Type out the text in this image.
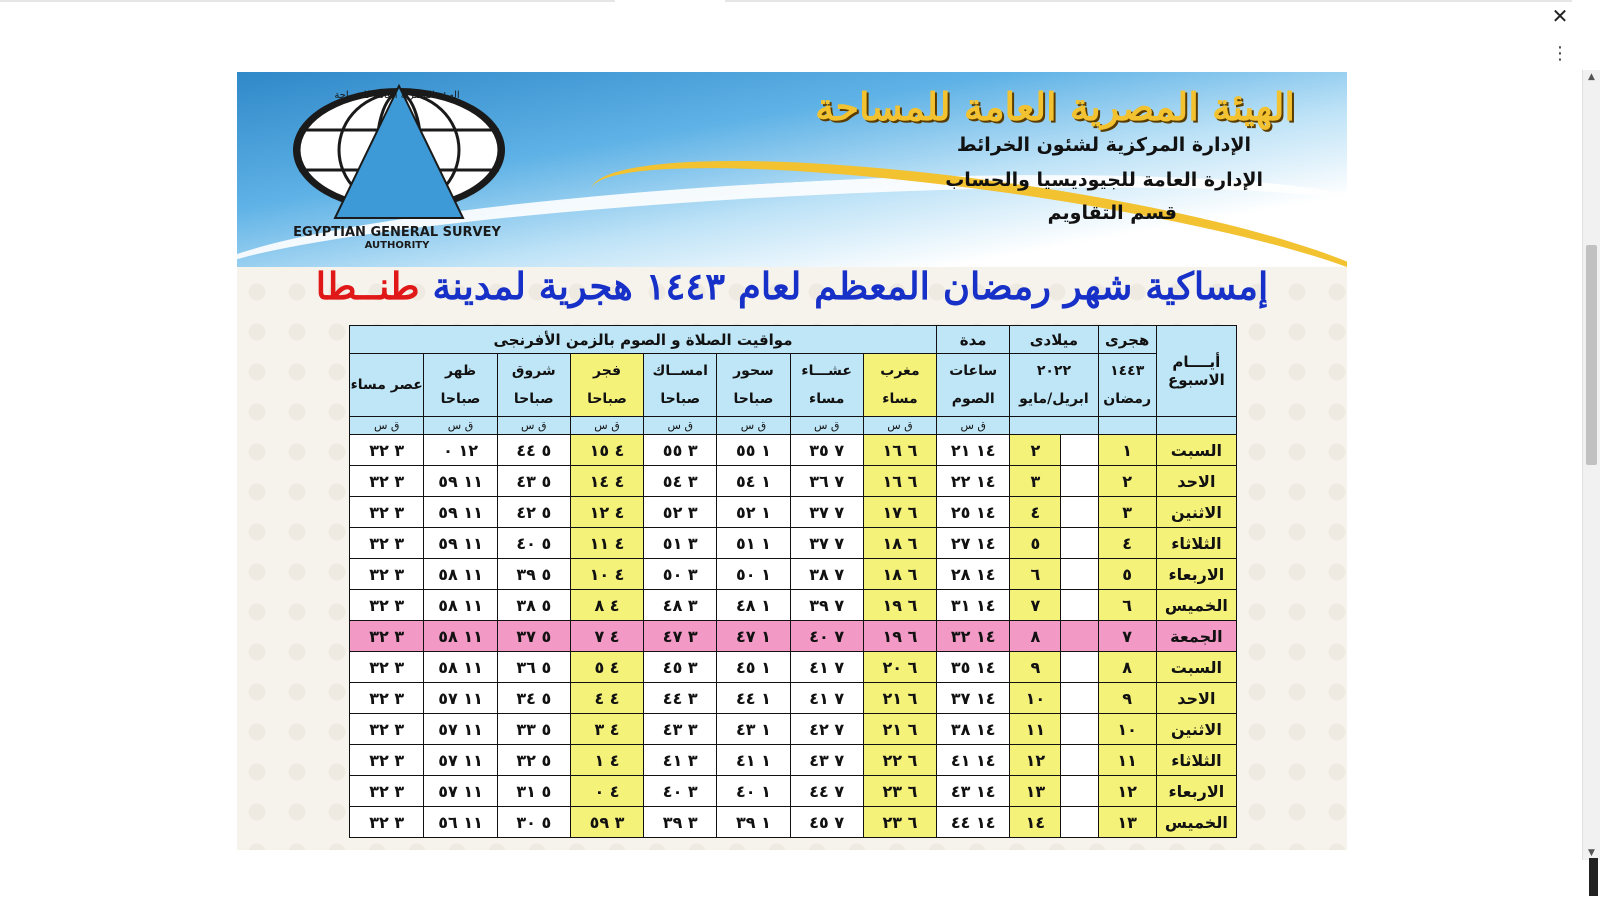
✕
⋮
▲
▼
EGYPTIAN GENERAL SURVEY
AUTHORITY
الهيئة المصرية العامة للمساحة	الهيئة المصرية العامة للمساحة
الإدارة المركزية لشئون الخرائط
الإدارة العامة للجيوديسيا والحساب
قسم التقاويم
إمساكية شهر رمضان المعظم لعام ١٤٤٣ هجرية لمدينة طنــطا
أيــــام الاسبوع	هجرى	ميلادى		مدة	مواقيت الصلاة و الصوم بالزمن الأفرنجى							
	١٤٤٣
رمضان	٢٠٢٢
ابريل/مايو		ساعات الصوم	مغرب مساء	عشـــاء مساء	سحور صباحا	امســاك صباحا	فجر صباحا	شروق صباحا	ظهر صباحا	عصر مساء
				ق س	ق س	ق س	ق س	ق س	ق س	ق س	ق س	ق س
السبت	١		٢	١٤ ٢١	٦ ١٦	٧ ٣٥	١ ٥٥	٣ ٥٥	٤ ١٥	٥ ٤٤	١٢ ٠	٣ ٣٢
الاحد	٢		٣	١٤ ٢٢	٦ ١٦	٧ ٣٦	١ ٥٤	٣ ٥٤	٤ ١٤	٥ ٤٣	١١ ٥٩	٣ ٣٢
الاثنين	٣		٤	١٤ ٢٥	٦ ١٧	٧ ٣٧	١ ٥٢	٣ ٥٢	٤ ١٢	٥ ٤٢	١١ ٥٩	٣ ٣٢
الثلاثاء	٤		٥	١٤ ٢٧	٦ ١٨	٧ ٣٧	١ ٥١	٣ ٥١	٤ ١١	٥ ٤٠	١١ ٥٩	٣ ٣٢
الاربعاء	٥		٦	١٤ ٢٨	٦ ١٨	٧ ٣٨	١ ٥٠	٣ ٥٠	٤ ١٠	٥ ٣٩	١١ ٥٨	٣ ٣٢
الخميس	٦		٧	١٤ ٣١	٦ ١٩	٧ ٣٩	١ ٤٨	٣ ٤٨	٤ ٨	٥ ٣٨	١١ ٥٨	٣ ٣٢
الجمعة	٧		٨	١٤ ٣٢	٦ ١٩	٧ ٤٠	١ ٤٧	٣ ٤٧	٤ ٧	٥ ٣٧	١١ ٥٨	٣ ٣٢
السبت	٨		٩	١٤ ٣٥	٦ ٢٠	٧ ٤١	١ ٤٥	٣ ٤٥	٤ ٥	٥ ٣٦	١١ ٥٨	٣ ٣٢
الاحد	٩		١٠	١٤ ٣٧	٦ ٢١	٧ ٤١	١ ٤٤	٣ ٤٤	٤ ٤	٥ ٣٤	١١ ٥٧	٣ ٣٢
الاثنين	١٠		١١	١٤ ٣٨	٦ ٢١	٧ ٤٢	١ ٤٣	٣ ٤٣	٤ ٣	٥ ٣٣	١١ ٥٧	٣ ٣٢
الثلاثاء	١١		١٢	١٤ ٤١	٦ ٢٢	٧ ٤٣	١ ٤١	٣ ٤١	٤ ١	٥ ٣٢	١١ ٥٧	٣ ٣٢
الاربعاء	١٢		١٣	١٤ ٤٣	٦ ٢٣	٧ ٤٤	١ ٤٠	٣ ٤٠	٤ ٠	٥ ٣١	١١ ٥٧	٣ ٣٢
الخميس	١٣		١٤	١٤ ٤٤	٦ ٢٣	٧ ٤٥	١ ٣٩	٣ ٣٩	٣ ٥٩	٥ ٣٠	١١ ٥٦	٣ ٣٢
